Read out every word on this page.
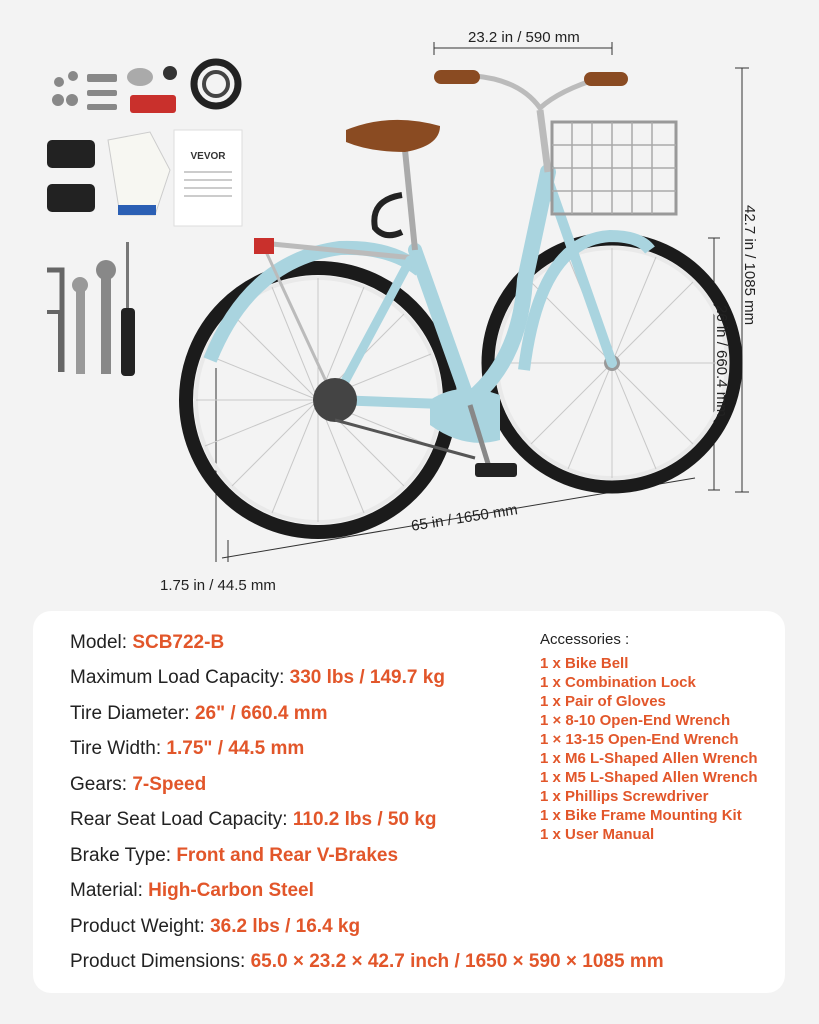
VEVOR
23.2 in / 590 mm
42.7 in / 1085 mm
26 in / 660.4 mm
65 in / 1650 mm
1.75 in / 44.5 mm
Model: SCB722-B
Maximum Load Capacity: 330 lbs / 149.7 kg
Tire Diameter: 26" / 660.4 mm
Tire Width: 1.75" / 44.5 mm
Gears: 7-Speed
Rear Seat Load Capacity: 110.2 lbs / 50 kg
Brake Type: Front and Rear V-Brakes
Material: High-Carbon Steel
Product Weight: 36.2 lbs / 16.4 kg
Product Dimensions: 65.0 × 23.2 × 42.7 inch / 1650 × 590 × 1085 mm
Accessories :
1 x Bike Bell
1 x Combination Lock
1 x Pair of Gloves
1 × 8-10 Open-End Wrench
1 × 13-15 Open-End Wrench
1 x M6 L-Shaped Allen Wrench
1 x M5 L-Shaped Allen Wrench
1 x Phillips Screwdriver
1 x Bike Frame Mounting Kit
1 x User Manual
